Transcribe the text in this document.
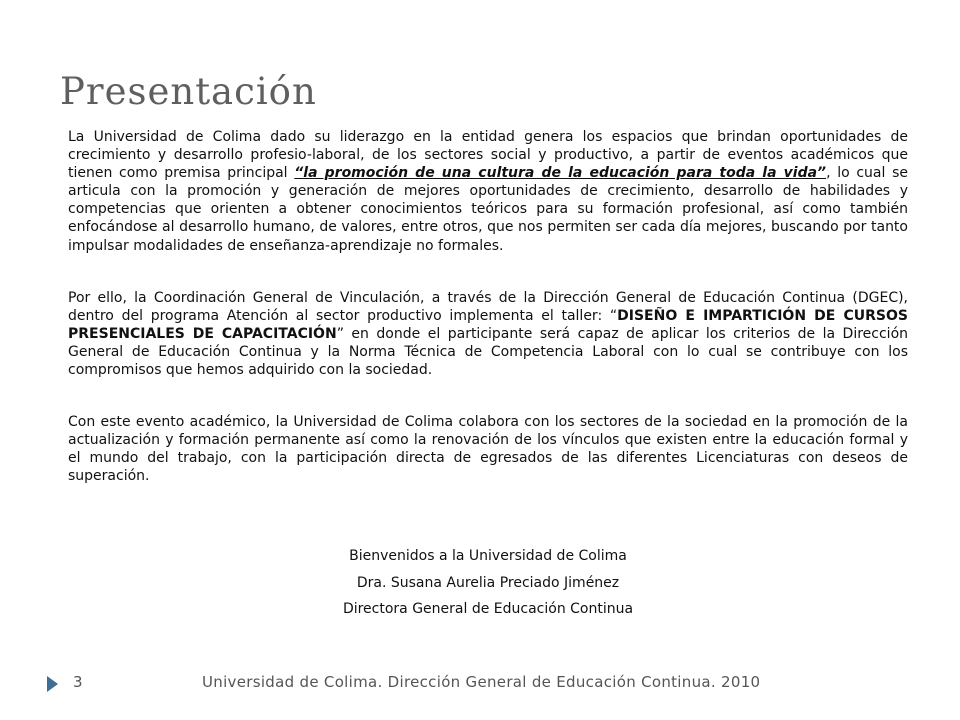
Presentación

La Universidad de Colima dado su liderazgo en la entidad genera los espacios que brindan oportunidades de crecimiento y desarrollo profesio-laboral, de los sectores social y productivo, a partir de eventos académicos que tienen como premisa principal “la promoción de una cultura de la educación para toda la vida”, lo cual se articula con la promoción y generación de mejores oportunidades de crecimiento, desarrollo de habilidades y competencias que orienten a obtener conocimientos teóricos para su formación profesional, así como también enfocándose al desarrollo humano, de valores, entre otros, que nos permiten ser cada día mejores, buscando por tanto impulsar modalidades de enseñanza-aprendizaje no formales.

Por ello, la Coordinación General de Vinculación, a través de la Dirección General de Educación Continua (DGEC), dentro del programa Atención al sector productivo implementa el taller: “DISEÑO E IMPARTICIÓN DE CURSOS PRESENCIALES DE CAPACITACIÓN” en donde el participante será capaz de aplicar los criterios de la Dirección General de Educación Continua y la Norma Técnica de Competencia Laboral con lo cual se contribuye con los compromisos que hemos adquirido con la sociedad.

Con este evento académico, la Universidad de Colima colabora con los sectores de la sociedad en la promoción de la actualización y formación permanente así como la renovación de los vínculos que existen entre la educación formal y el mundo del trabajo, con la participación directa de egresados de las diferentes Licenciaturas con deseos de superación.

Bienvenidos a la Universidad de Colima
Dra. Susana Aurelia Preciado Jiménez
Directora General de Educación Continua
3	Universidad de Colima. Dirección General de Educación Continua. 2010
